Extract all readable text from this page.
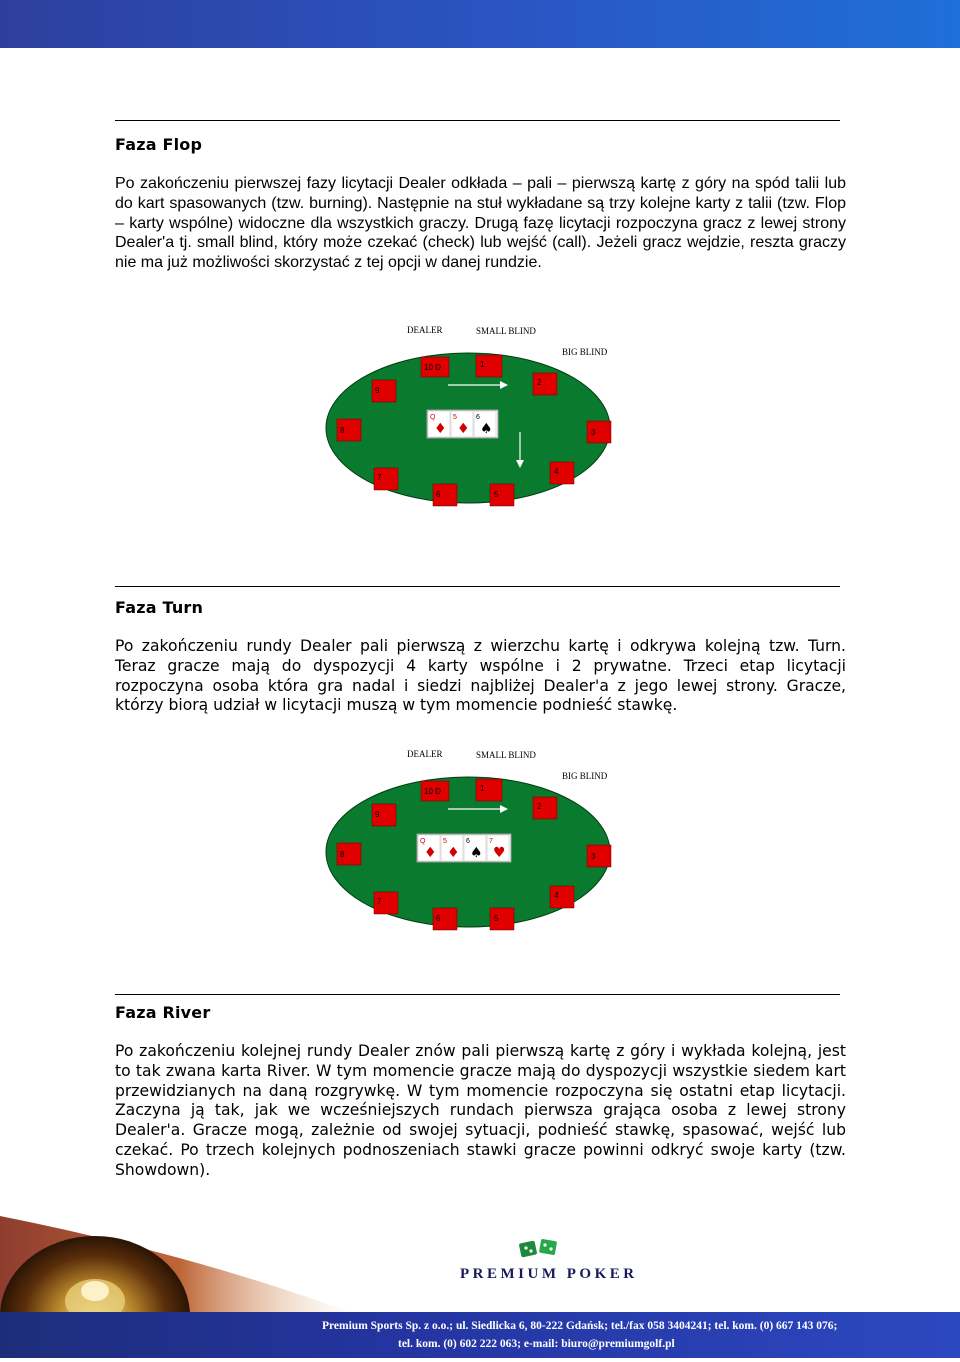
Faza Flop
Po zakończeniu pierwszej fazy licytacji Dealer odkłada – pali – pierwszą kartę z góry na spód talii lub do kart spasowanych (tzw. burning). Następnie na stuł wykładane są trzy kolejne karty z talii (tzw. Flop – karty wspólne) widoczne dla wszystkich graczy. Drugą fazę licytacji rozpoczyna gracz z lewej strony Dealer'a tj. small blind, który może czekać (check) lub wejść (call). Jeżeli gracz wejdzie, reszta graczy nie ma już możliwości skorzystać z tej opcji w danej rundzie.
DEALER	SMALL BLIND
BIG BLIND
10 D	1
2
9
8	3
4
7
6	5
Q
♦
5
♦
6
♠
Faza Turn
Po zakończeniu rundy Dealer pali pierwszą z wierzchu kartę i odkrywa kolejną tzw. Turn. Teraz gracze mają do dyspozycji 4 karty wspólne i 2 prywatne. Trzeci etap licytacji rozpoczyna osoba która gra nadal i siedzi najbliżej Dealer'a z jego lewej strony. Gracze, którzy biorą udział w licytacji muszą w tym momencie podnieść stawkę.
DEALER	SMALL BLIND
BIG BLIND
10 D	1
2
9
8	3
4
7
6	5
Q
♦
5
♦
6
♠
7
♥
Faza River
Po zakończeniu kolejnej rundy Dealer znów pali pierwszą kartę z góry i wykłada kolejną, jest to tak zwana karta River. W tym momencie gracze mają do dyspozycji wszystkie siedem kart przewidzianych na daną rozgrywkę. W tym momencie rozpoczyna się ostatni etap licytacji. Zaczyna ją tak, jak we wcześniejszych rundach pierwsza grająca osoba z lewej strony Dealer'a. Gracze mogą, zależnie od swojej sytuacji, podnieść stawkę, spasować, wejść lub czekać. Po trzech kolejnych podnoszeniach stawki gracze powinni odkryć swoje karty (tzw. Showdown).
PREMIUM POKER
Premium Sports Sp. z o.o.; ul. Siedlicka 6, 80-222 Gdańsk; tel./fax 058 3404241; tel. kom. (0) 667 143 076;
tel. kom. (0) 602 222 063; e-mail: biuro@premiumgolf.pl
